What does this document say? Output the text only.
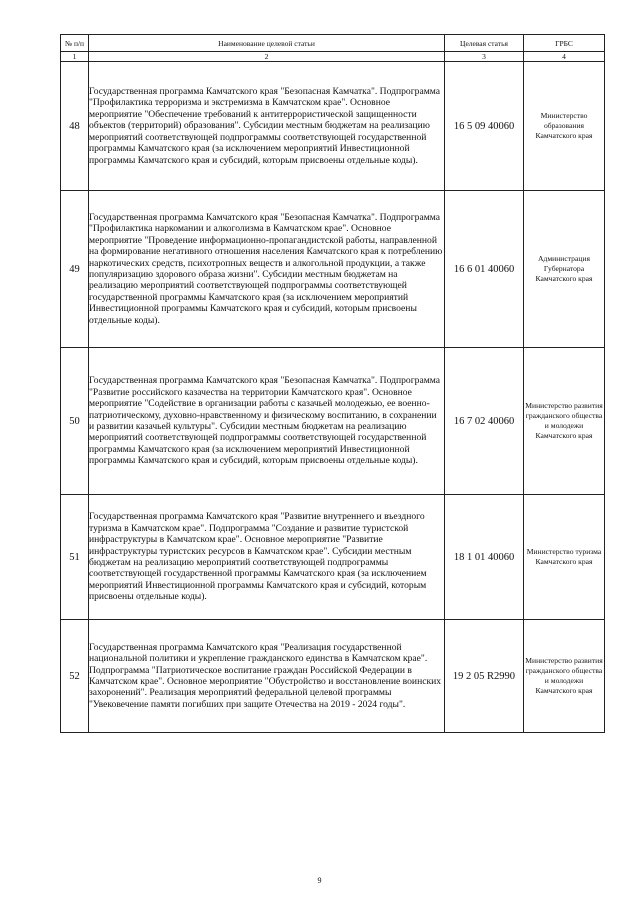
№ п/п	Наименование целевой статьи	Целевая статья	ГРБС
1	2	3	4
48	Государственная программа Камчатского края "Безопасная Камчатка". Подпрограмма "Профилактика терроризма и экстремизма в Камчатском крае". Основное мероприятие "Обеспечение требований к антитеррористической защищенности объектов (территорий) образования". Субсидии местным бюджетам на реализацию мероприятий соответствующей подпрограммы соответствующей государственной программы Камчатского края (за исключением мероприятий Инвестиционной программы Камчатского края и субсидий, которым присвоены отдельные коды).	16 5 09 40060	Министерство образования Камчатского края
49	Государственная программа Камчатского края "Безопасная Камчатка". Подпрограмма "Профилактика наркомании и алкоголизма в Камчатском крае". Основное мероприятие "Проведение информационно-пропагандистской работы, направленной на формирование негативного отношения населения Камчатского края к потреблению наркотических средств, психотропных веществ и алкогольной продукции, а также популяризацию здорового образа жизни". Субсидии местным бюджетам на реализацию мероприятий соответствующей подпрограммы соответствующей государственной программы Камчатского края (за исключением мероприятий Инвестиционной программы Камчатского края и субсидий, которым присвоены отдельные коды).	16 6 01 40060	Администрация Губернатора Камчатского края
50	Государственная программа Камчатского края "Безопасная Камчатка". Подпрограмма "Развитие российского казачества на территории Камчатского края". Основное мероприятие "Содействие в организации работы с казачьей молодежью, ее военно-патриотическому, духовно-нравственному и физическому воспитанию, в сохранении и развитии казачьей культуры". Субсидии местным бюджетам на реализацию мероприятий соответствующей подпрограммы соответствующей государственной программы Камчатского края (за исключением мероприятий Инвестиционной программы Камчатского края и субсидий, которым присвоены отдельные коды).	16 7 02 40060	Министерство развития гражданского общества и молодежи Камчатского края
51	Государственная программа Камчатского края "Развитие внутреннего и въездного туризма в Камчатском крае". Подпрограмма "Создание и развитие туристской инфраструктуры в Камчатском крае". Основное мероприятие "Развитие инфраструктуры туристских ресурсов в Камчатском крае". Субсидии местным бюджетам на реализацию мероприятий соответствующей подпрограммы соответствующей государственной программы Камчатского края (за исключением мероприятий Инвестиционной программы Камчатского края и субсидий, которым присвоены отдельные коды).	18 1 01 40060	Министерство туризма Камчатского края
52	Государственная программа Камчатского края "Реализация государственной национальной политики и укрепление гражданского единства в Камчатском крае". Подпрограмма "Патриотическое воспитание граждан Российской Федерации в Камчатском крае". Основное мероприятие "Обустройство и восстановление воинских захоронений". Реализация мероприятий федеральной целевой программы "Увековечение памяти погибших при защите Отечества на 2019 - 2024 годы".	19 2 05 R2990	Министерство развития гражданского общества и молодежи Камчатского края
9
